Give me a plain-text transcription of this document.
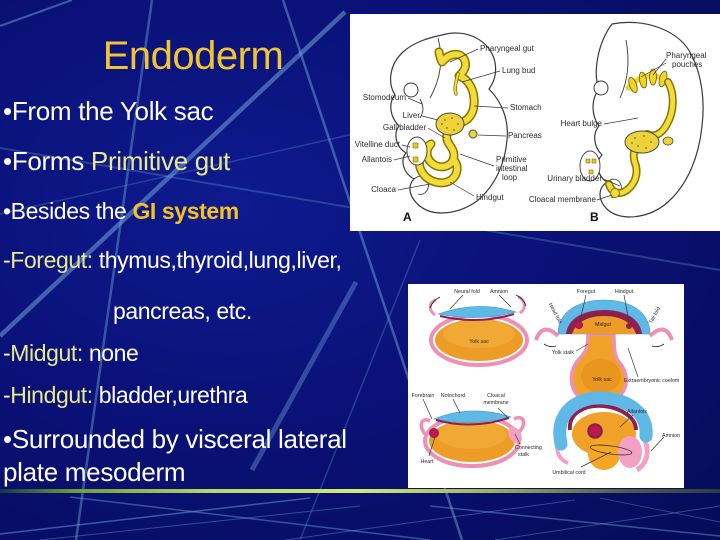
Endoderm
•From the Yolk sac
•Forms Primitive gut
•Besides the GI system
-Foregut: thymus,thyroid,lung,liver,
pancreas, etc.
-Midgut: none
-Hindgut: bladder,urethra
•Surrounded by visceral lateral
plate mesoderm
Pharyngeal gut
Lung bud
Stomodeum
Stomach
Liver
Gall bladder
Pancreas
Vitelline duct
Allantois	Primitive
intestinal
loop
Cloaca
Hindgut
A
Pharyngeal
pouches
Heart bulge
Urinary bladder
Cloacal membrane
B
Neural fold Amnion
Yolk sac
Foregut	Hindgut
Head fold	Tail fold
Midgut
Yolk stalk
Yolk sac Extraembryonic coelom
Forebrain Notochord	Cloacal
membrane
Heart
Connecting
stalk
Allantois
Amnion
Umbilical cord
